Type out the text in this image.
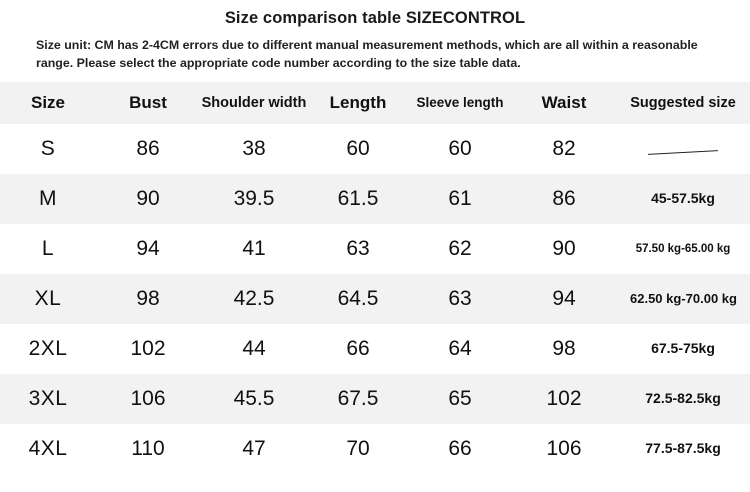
Size comparison table SIZECONTROL
Size unit: CM has 2-4CM errors due to different manual measurement methods, which are all within a reasonable range. Please select the appropriate code number according to the size table data.
Size	Bust	Shoulder width	Length	Sleeve length	Waist	Suggested size
S	86	38	60	60	82	
M	90	39.5	61.5	61	86	45-57.5kg
L	94	41	63	62	90	57.50 kg-65.00 kg
XL	98	42.5	64.5	63	94	62.50 kg-70.00 kg
2XL	102	44	66	64	98	67.5-75kg
3XL	106	45.5	67.5	65	102	72.5-82.5kg
4XL	110	47	70	66	106	77.5-87.5kg
